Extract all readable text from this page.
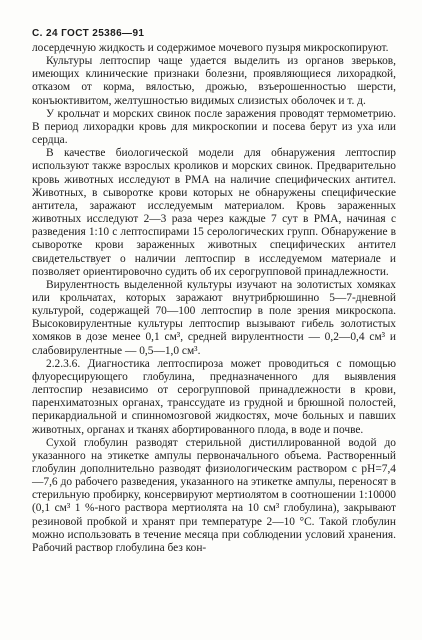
С. 24 ГОСТ 25386—91

лосердечную жидкость и содержимое мочевого пузыря микроскопируют.

Культуры лептоспир чаще удается выделить из органов зверьков, имеющих клинические признаки болезни, проявляющиеся лихорадкой, отказом от корма, вялостью, дрожью, взъерошенностью шерсти, конъюктивитом, желтушностью видимых слизистых оболочек и т. д.

У крольчат и морских свинок после заражения проводят термометрию. В период лихорадки кровь для микроскопии и посева берут из уха или сердца.

В качестве биологической модели для обнаружения лептоспир используют также взрослых кроликов и морских свинок. Предварительно кровь животных исследуют в РМА на наличие специфических антител. Животных, в сыворотке крови которых не обнаружены специфические антитела, заражают исследуемым материалом. Кровь зараженных животных исследуют 2—3 раза через каждые 7 сут в РМА, начиная с разведения 1:10 с лептоспирами 15 серологических групп. Обнаружение в сыворотке крови зараженных животных специфических антител свидетельствует о наличии лептоспир в исследуемом материале и позволяет ориентировочно судить об их серогрупповой принадлежности.

Вирулентность выделенной культуры изучают на золотистых хомяках или крольчатах, которых заражают внутрибрюшинно 5—7-дневной культурой, содержащей 70—100 лептоспир в поле зрения микроскопа. Высоковирулентные культуры лептоспир вызывают гибель золотистых хомяков в дозе менее 0,1 см³, средней вирулентности — 0,2—0,4 см³ и слабовирулентные — 0,5—1,0 см³.

2.2.3.6. Диагностика лептоспироза может проводиться с помощью флуоресцирующего глобулина, предназначенного для выявления лептоспир независимо от серогрупповой принадлежности в крови, паренхиматозных органах, транссудате из грудной и брюшной полостей, перикардиальной и спинномозговой жидкостях, моче больных и павших животных, органах и тканях абортированного плода, в воде и почве.

Сухой глобулин разводят стерильной дистиллированной водой до указанного на этикетке ампулы первоначального объема. Растворенный глобулин дополнительно разводят физиологическим раствором с pH=7,4—7,6 до рабочего разведения, указанного на этикетке ампулы, переносят в стерильную пробирку, консервируют мертиолятом в соотношении 1:10000 (0,1 см³ 1 %-ного раствора мертиолята на 10 см³ глобулина), закрывают резиновой пробкой и хранят при температуре 2—10 °С. Такой глобулин можно использовать в течение месяца при соблюдении условий хранения. Рабочий раствор глобулина без кон-
